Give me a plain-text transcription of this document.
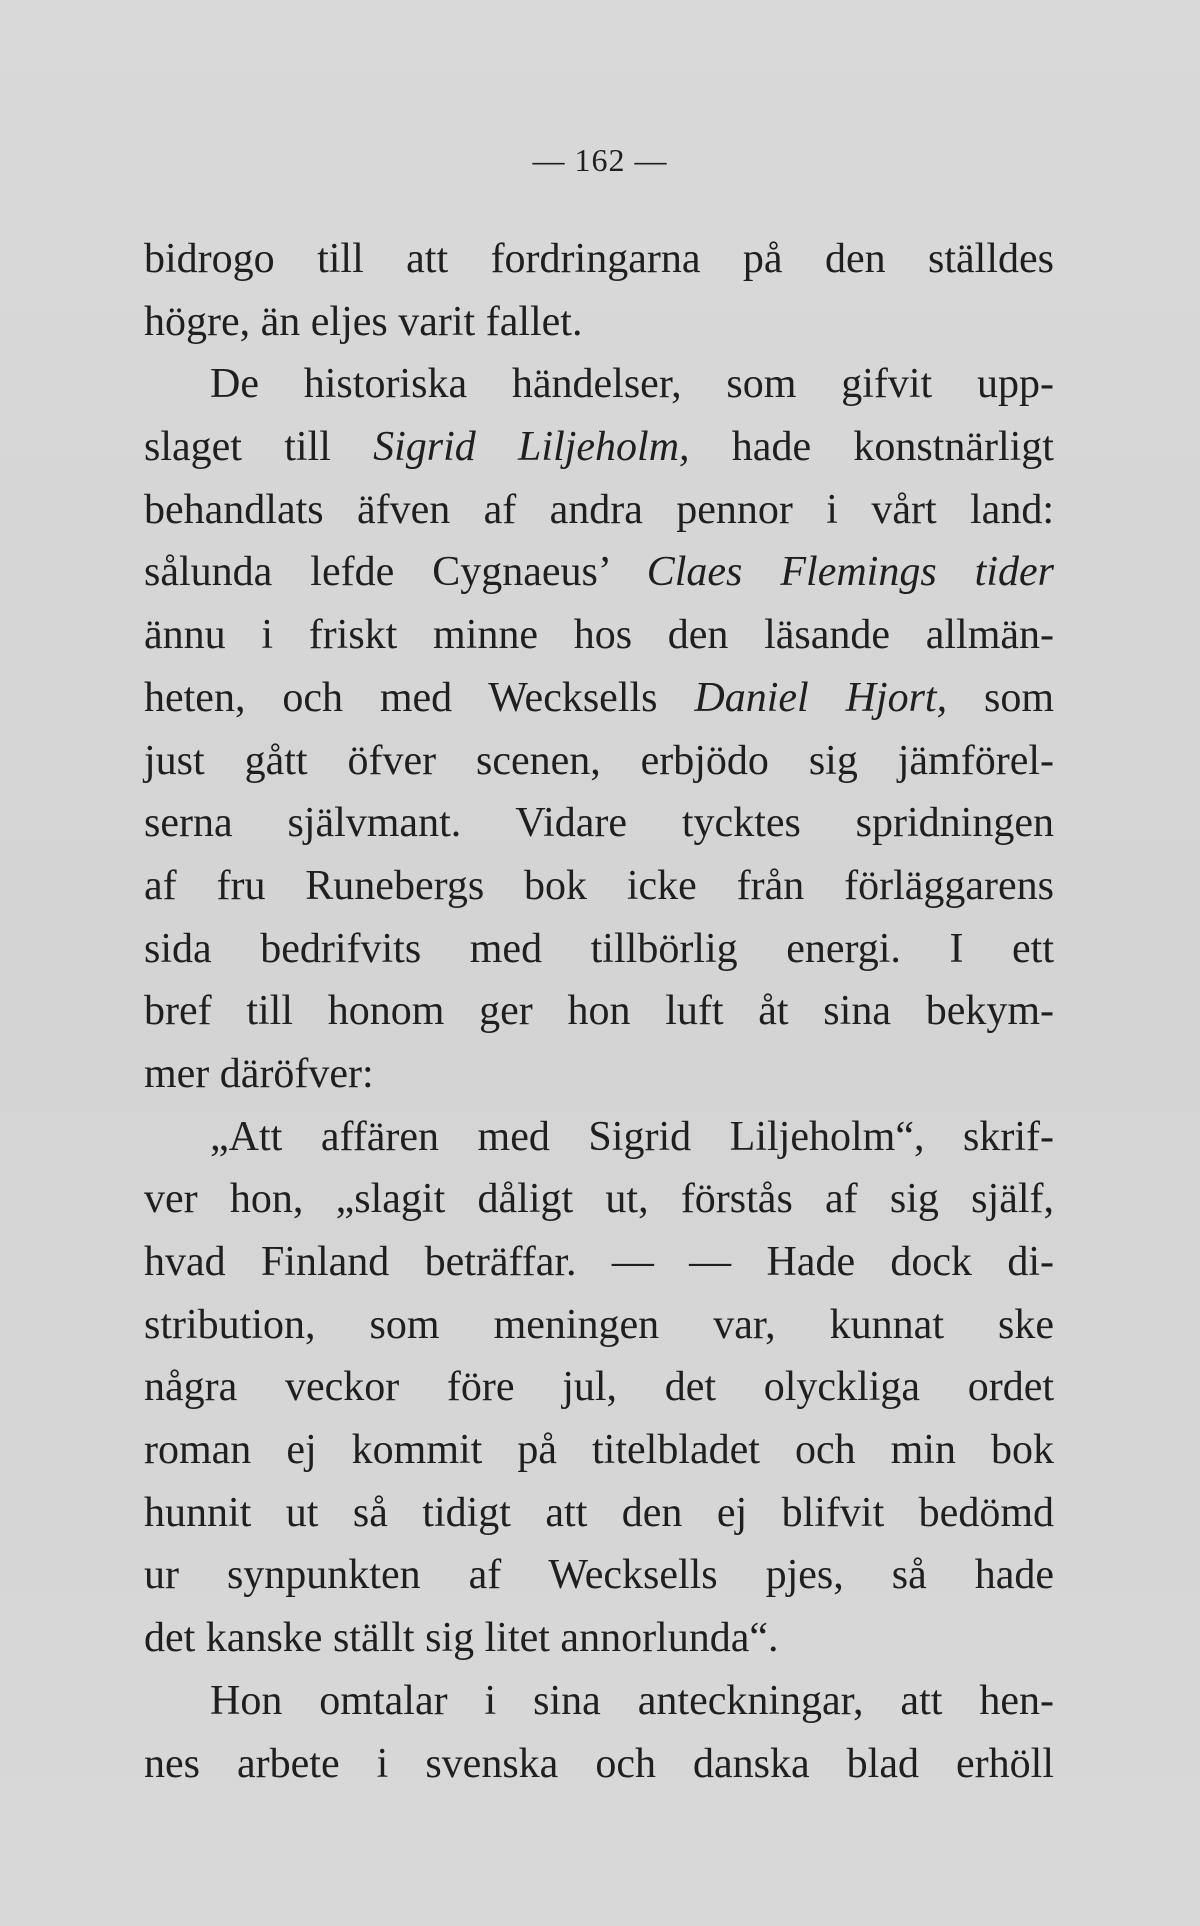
— 162 —
bidrogo till att fordringarna på den ställdes
högre, än eljes varit fallet.
De historiska händelser, som gifvit upp-
slaget till Sigrid Liljeholm, hade konstnärligt
behandlats äfven af andra pennor i vårt land:
sålunda lefde Cygnaeus’ Claes Flemings tider
ännu i friskt minne hos den läsande allmän-
heten, och med Wecksells Daniel Hjort, som
just gått öfver scenen, erbjödo sig jämförel-
serna självmant. Vidare tycktes spridningen
af fru Runebergs bok icke från förläggarens
sida bedrifvits med tillbörlig energi. I ett
bref till honom ger hon luft åt sina bekym-
mer däröfver:
„Att affären med Sigrid Liljeholm“, skrif-
ver hon, „slagit dåligt ut, förstås af sig själf,
hvad Finland beträffar. — — Hade dock di-
stribution, som meningen var, kunnat ske
några veckor före jul, det olyckliga ordet
roman ej kommit på titelbladet och min bok
hunnit ut så tidigt att den ej blifvit bedömd
ur synpunkten af Wecksells pjes, så hade
det kanske ställt sig litet annorlunda“.
Hon omtalar i sina anteckningar, att hen-
nes arbete i svenska och danska blad erhöll
